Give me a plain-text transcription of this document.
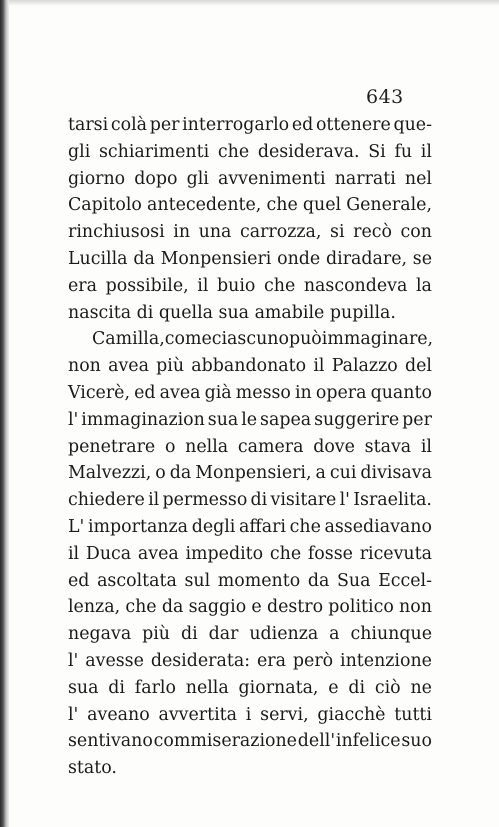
643
tarsi colà per interrogarlo ed ottenere que-
gli schiarimenti che desiderava. Si fu il
giorno dopo gli avvenimenti narrati nel
Capitolo antecedente, che quel Generale,
rinchiusosi in una carrozza, si recò con
Lucilla da Monpensieri onde diradare, se
era possibile, il buio che nascondeva la
nascita di quella sua amabile pupilla.
Camilla, come ciascuno può immaginare,
non avea più abbandonato il Palazzo del
Vicerè, ed avea già messo in opera quanto
l' immaginazion sua le sapea suggerire per
penetrare o nella camera dove stava il
Malvezzi, o da Monpensieri, a cui divisava
chiedere il permesso di visitare l' Israelita.
L' importanza degli affari che assediavano
il Duca avea impedito che fosse ricevuta
ed ascoltata sul momento da Sua Eccel-
lenza, che da saggio e destro politico non
negava più di dar udienza a chiunque
l' avesse desiderata: era però intenzione
sua di farlo nella giornata, e di ciò ne
l' aveano avvertita i servi, giacchè tutti
sentivano commiserazione dell' infelice suo
stato.
